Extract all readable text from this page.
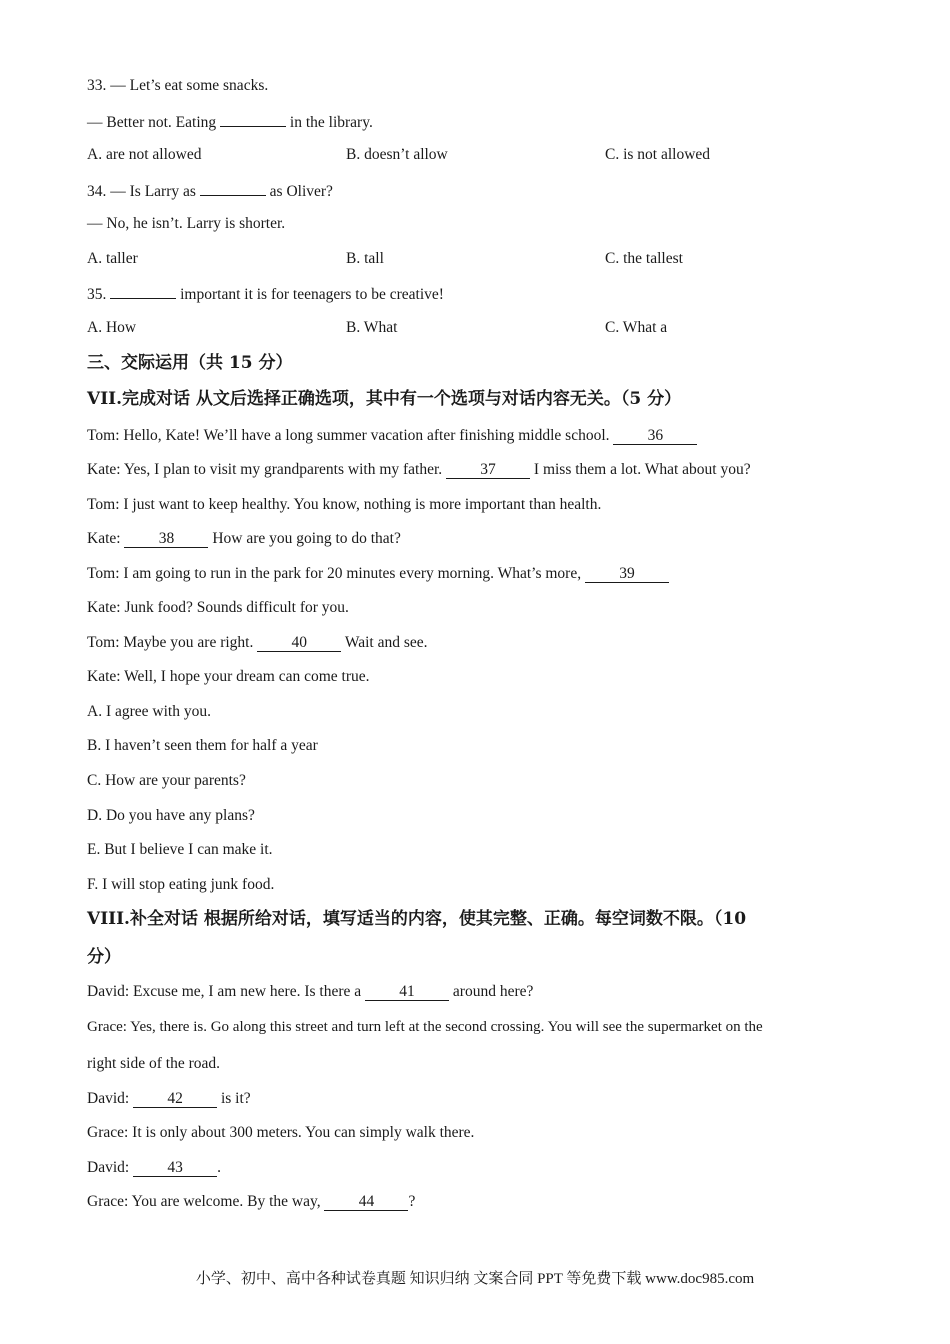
33. — Let’s eat some snacks.
— Better not. Eating	in the library.
A. are not allowed	B. doesn’t allow	C. is not allowed
34. — Is Larry as	as Oliver?
— No, he isn’t. Larry is shorter.
A. taller	B. tall	C. the tallest
35.	important it is for teenagers to be creative!
A. How	B. What	C. What a
三、交际运用（共 15 分）
VII.完成对话 从文后选择正确选项，其中有一个选项与对话内容无关。（5 分）
Tom: Hello, Kate! We’ll have a long summer vacation after finishing middle school. 36
Kate: Yes, I plan to visit my grandparents with my father. 37 I miss them a lot. What about you?
Tom: I just want to keep healthy. You know, nothing is more important than health.
Kate: 38 How are you going to do that?
Tom: I am going to run in the park for 20 minutes every morning. What’s more, 39
Kate: Junk food? Sounds difficult for you.
Tom: Maybe you are right. 40 Wait and see.
Kate: Well, I hope your dream can come true.
A. I agree with you.
B. I haven’t seen them for half a year
C. How are your parents?
D. Do you have any plans?
E. But I believe I can make it.
F. I will stop eating junk food.
VIII.补全对话 根据所给对话，填写适当的内容，使其完整、正确。每空词数不限。（10
分）
David: Excuse me, I am new here. Is there a 41 around here?
Grace: Yes, there is. Go along this street and turn left at the second crossing. You will see the supermarket on the
right side of the road.
David: 42 is it?
Grace: It is only about 300 meters. You can simply walk there.
David: 43 .
Grace: You are welcome. By the way, 44 ?
小学、初中、高中各种试卷真题 知识归纳 文案合同 PPT 等免费下载 www.doc985.com
